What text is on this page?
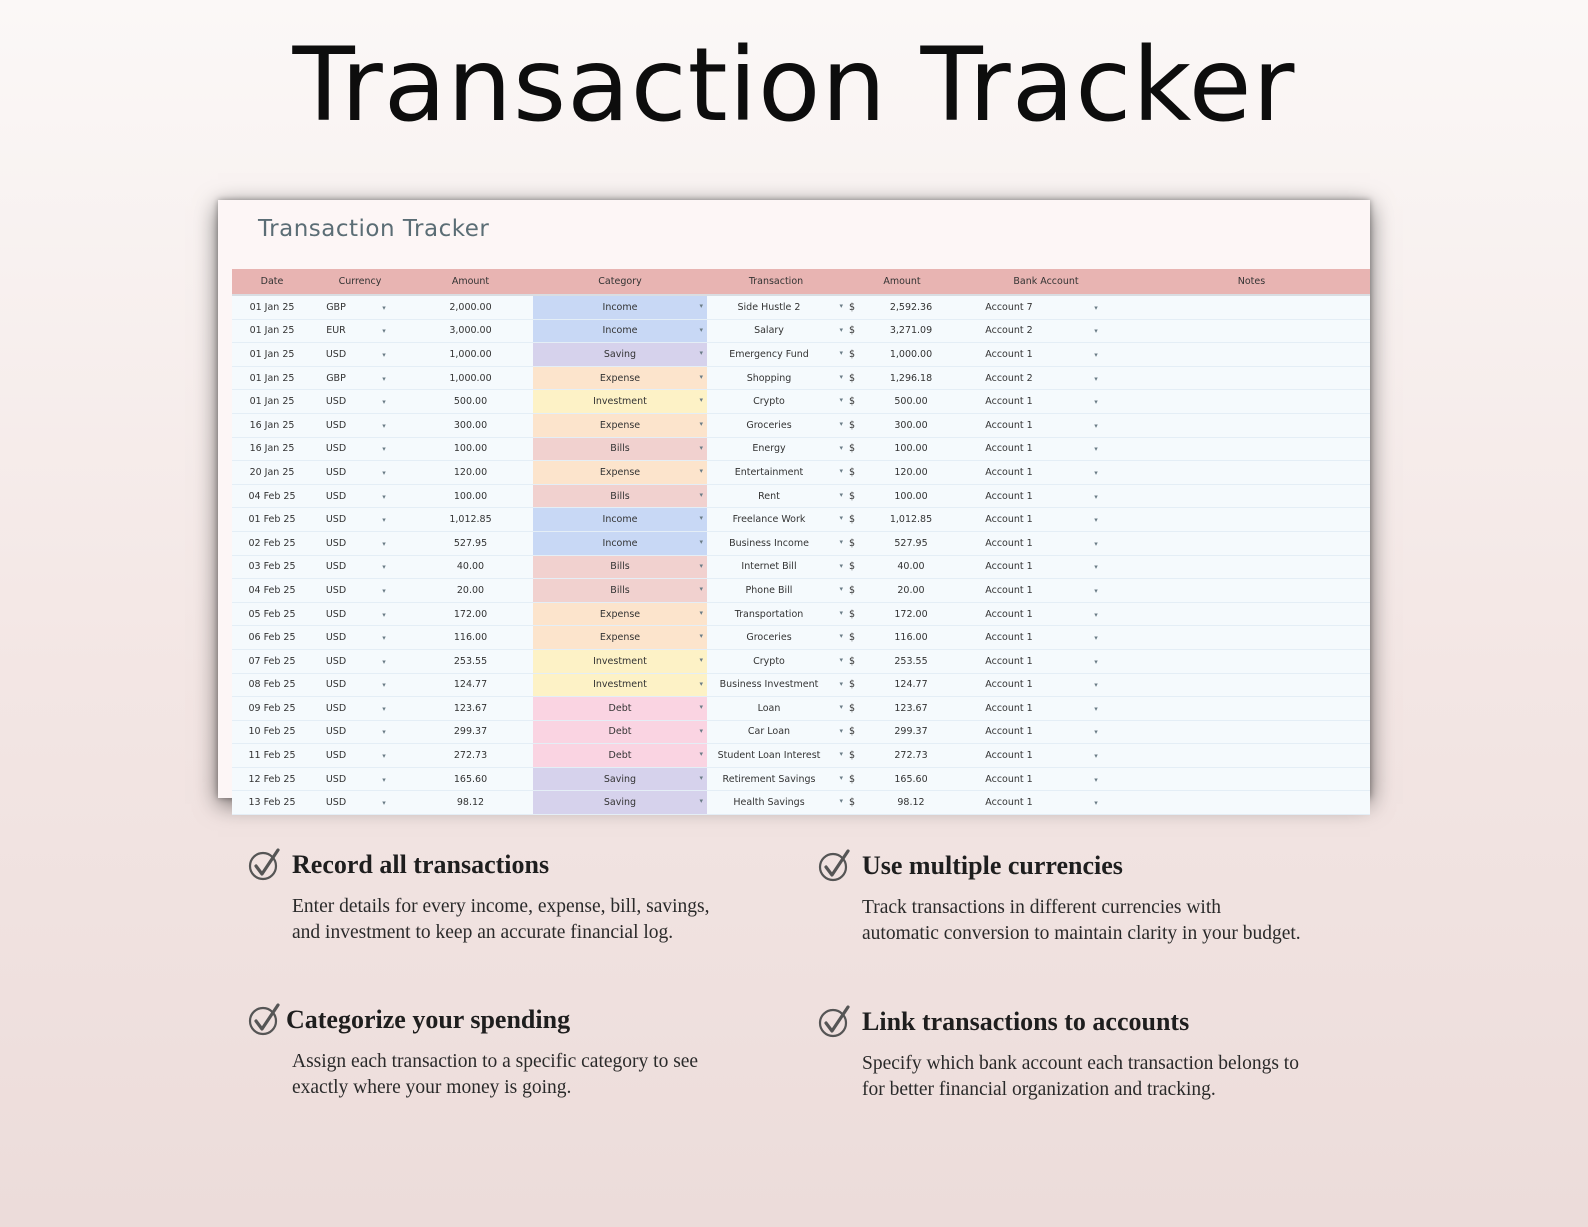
Transaction Tracker
Transaction Tracker
Date	Currency		Amount	Category	Transaction	Amount		Bank Account		Notes
01 Jan 25	GBP	▾	2,000.00	Income ▾	Side Hustle 2 ▾	$	2,592.36	Account 7	▾	
01 Jan 25	EUR	▾	3,000.00	Income ▾	Salary ▾	$	3,271.09	Account 2	▾	
01 Jan 25	USD	▾	1,000.00	Saving ▾	Emergency Fund ▾	$	1,000.00	Account 1	▾	
01 Jan 25	GBP	▾	1,000.00	Expense ▾	Shopping ▾	$	1,296.18	Account 2	▾	
01 Jan 25	USD	▾	500.00	Investment ▾	Crypto ▾	$	500.00	Account 1	▾	
16 Jan 25	USD	▾	300.00	Expense ▾	Groceries ▾	$	300.00	Account 1	▾	
16 Jan 25	USD	▾	100.00	Bills ▾	Energy ▾	$	100.00	Account 1	▾	
20 Jan 25	USD	▾	120.00	Expense ▾	Entertainment ▾	$	120.00	Account 1	▾	
04 Feb 25	USD	▾	100.00	Bills ▾	Rent ▾	$	100.00	Account 1	▾	
01 Feb 25	USD	▾	1,012.85	Income ▾	Freelance Work ▾	$	1,012.85	Account 1	▾	
02 Feb 25	USD	▾	527.95	Income ▾	Business Income ▾	$	527.95	Account 1	▾	
03 Feb 25	USD	▾	40.00	Bills ▾	Internet Bill ▾	$	40.00	Account 1	▾	
04 Feb 25	USD	▾	20.00	Bills ▾	Phone Bill ▾	$	20.00	Account 1	▾	
05 Feb 25	USD	▾	172.00	Expense ▾	Transportation ▾	$	172.00	Account 1	▾	
06 Feb 25	USD	▾	116.00	Expense ▾	Groceries ▾	$	116.00	Account 1	▾	
07 Feb 25	USD	▾	253.55	Investment ▾	Crypto ▾	$	253.55	Account 1	▾	
08 Feb 25	USD	▾	124.77	Investment ▾	Business Investment ▾	$	124.77	Account 1	▾	
09 Feb 25	USD	▾	123.67	Debt ▾	Loan ▾	$	123.67	Account 1	▾	
10 Feb 25	USD	▾	299.37	Debt ▾	Car Loan ▾	$	299.37	Account 1	▾	
11 Feb 25	USD	▾	272.73	Debt ▾	Student Loan Interest ▾	$	272.73	Account 1	▾	
12 Feb 25	USD	▾	165.60	Saving ▾	Retirement Savings ▾	$	165.60	Account 1	▾	
13 Feb 25	USD	▾	98.12	Saving ▾	Health Savings ▾	$	98.12	Account 1	▾	
Record all transactions

Enter details for every income, expense, bill, savings, and investment to keep an accurate financial log.

Use multiple currencies

Track transactions in different currencies with automatic conversion to maintain clarity in your budget.

Categorize your spending

Assign each transaction to a specific category to see exactly where your money is going.

Link transactions to accounts

Specify which bank account each transaction belongs to for better financial organization and tracking.
